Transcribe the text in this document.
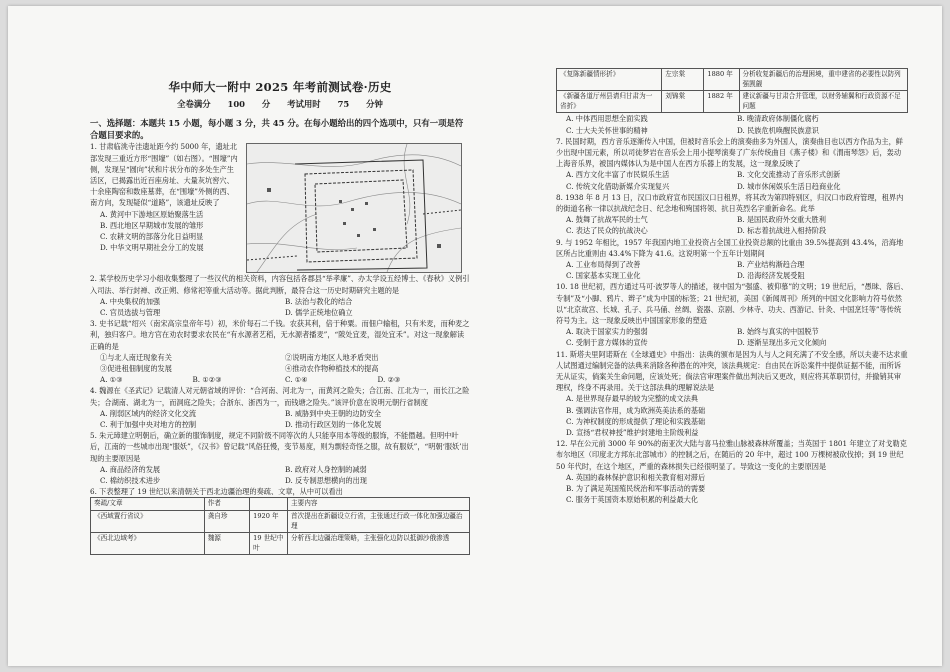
华中师大一附中 2025 年考前测试卷·历史
全卷满分 100 分 考试用时 75 分钟
一、选择题：本题共 15 小题，每小题 3 分，共 45 分。在每小题给出的四个选项中，只有一项是符合题目要求的。

1. 甘肃临洮寺洼遗址距今约 5000 年，遗址北部发现三重近方形“围壕”（如右图）。“围壕”内侧，发现呈“圆向”状和片状分布的多处生产生活区，已揭露出近百座房址、大量灰坑窖穴、十余座陶窑和数座墓葬，在“围壕”外侧的西、南方向，发现疑似“道路”，该遗址反映了

A. 黄河中下游地区原始聚落生活

B. 西北地区早期城市发展的雏形

C. 农耕文明的部落分化日益明显

D. 中华文明早期社会分工的发展

2. 某学校历史学习小组收集整理了一些汉代的相关资料，内容包括各郡县“举孝廉”、办太学设五经博士、《春秋》义例引入司法、举行封禅、改正朔、修常祀等重大活动等。据此判断，最符合这一历史时期研究主题的是

A. 中央集权的加强	B. 法治与教化的结合
C. 官员选拔与管理	D. 儒学正统地位确立

3. 史书记载“绍兴（南宋高宗皇帝年号）初，米价每石二千钱。农获其利，倍于种粟。而佃户输租，只有米麦，而种麦之利，独归客户。地方官在劝农时要求农民在“有水源者艺稻，无水源者播麦”，“陂处宜麦，湿处宜禾”。对这一现象解读正确的是

①与北人南迁现象有关	②说明南方地区人地矛盾突出
③促进租佃制度的发展	④推动农作物种植技术的提高
A. ①③	B. ①②③	C. ①④	D. ②③

4. 魏源在《圣武记》记载清人对元朝省域的评价：“合河南、河北为一，而黄河之险失；合江南、江北为一，而长江之险失；合湖南、湖北为一，而洞庭之险失；合浙东、浙西为一，而钱塘之险失。”该评价意在说明元朝行省制度

A. 削弱区域内的经济文化交流	B. 威胁到中央王朝的边防安全
C. 利于加强中央对地方的控制	D. 推动行政区划的一体化发展

5. 朱元璋建立明朝后，确立新的服饰制度，规定不同阶级不同等次的人只能享用本等级的服饰，不能僭越。但明中叶后，江南的一些城市出现“服妖”，《汉书》曾记载“风俗狂慢，变节易度，则为剽轻奇怪之服，故有服妖”，“明朝‘服妖’出现的主要原因是

A. 商品经济的发展	B. 政府对人身控制的减弱
C. 棉纺织技术进步	D. 反专制思想横向的出现

6. 下表整理了 19 世纪以来清朝关于西北边疆治理的奏疏、文章，从中可以看出

奏疏/文章	作者		主要内容
《西域置行省议》	龚自珍	1920 年	首次提出在新疆设立行省，主张通过行政一体化加强边疆治理
《西北边域考》	魏源	19 世纪中叶	分析西北边疆治理策略，主张强化边防以抵御沙俄渗透
《复陈新疆情形折》	左宗棠	1880 年	分析收复新疆后的治理困境，重申建省的必要性以防列强觊觎
《新疆各道厅州县请归甘肃为一省折》	刘锦棠	1882 年	建议新疆与甘肃合并管理，以财务辅翼和行政资源不足问题
A. 中体西用思想全面实践	B. 晚清政府体制僵化腐朽
C. 士大夫关怀世事的精神	D. 民族危机唤醒民族意识

7. 民国时期，西方音乐逐渐传入中国，但被时音乐会上的演奏曲多为外国人，演奏曲目也以西方作品为主，鲜少出现中国元素，所以司徒梦岩在音乐会上用小提琴演奏了广东传统曲目《燕子楼》和《渭南琴怨》后，轰动上海音乐界，被国内媒体认为是中国人在西方乐器上的发展，这一现象反映了

A. 西方文化丰富了市民娱乐生活	B. 文化交流推动了音乐形式创新
C. 传统文化借助新媒介实现复兴	D. 城市休闲娱乐生活日趋商业化

8. 1938 年 8 月 13 日，汉口市政府宣布民国汉口日租界，将其改为第四特别区，归汉口市政府管理，租界内的街道名称一律以抗战纪念日、纪念地和殉国将领、抗日英烈名字重新命名。此举

A. 鼓舞了抗战军民的士气	B. 是国民政府外交重大胜利
C. 表达了民众的抗战决心	D. 标志着抗战进入相持阶段

9. 与 1952 年相比，1957 年我国内地工业投资占全国工业投资总额的比重由 39.5%提高到 43.4%，沿海地区所占比重则由 43.4%下降为 41.6。这说明第一个五年计划期间

A. 工业布局得到了改善	B. 产业结构渐趋合理
C. 国家基本实现工业化	D. 沿海经济发展受阻

10. 18 世纪初，西方通过马可·波罗等人的描述，视中国为“强盛、被仰慕”的文明；19 世纪后，“愚昧、落后、专制”及“小脚、鸦片、辫子”成为中国的标签；21 世纪初，美国《新闻周刊》所列的中国文化影响力符号依然以“北京故宫、长城、孔子、兵马俑、丝绸、瓷器、京剧、少林寺、功夫、西游记、针灸、中国烹饪等”等传统符号为主。这一现象反映出中国国家形象的塑造

A. 取决于国家实力的强弱	B. 始终与真实的中国脱节
C. 受制于意方媒体的宣传	D. 逐渐呈现出多元文化倾向

11. 斯塔夫里阿诺斯在《全球通史》中指出：法典的颁布是因为人与人之间充满了不安全感，所以夫妻不达求重人试图通过编制完备的法典来消除各种潜在的冲突，该法典规定：自由民在诉讼案件中提供证据不能，而所诉无从证实，倘案关生命问题，应该处死；倘法官审理案件做出判决后又更改，则应将其革职罚付，并撤销其审理权，终身不再录用。关于这部法典的理解说法是

A. 是世界现存最早的较为完整的成文法典

B. 强调法官作用，成为欧洲英美法系的基础

C. 为神权制度的形成提供了理论和实践基础

D. 宣扬“君权神授”维护封建地主阶级利益

12. 早在公元前 3000 年 90%的南亚次大陆与喜马拉雅山脉被森林所覆盖；当英国于 1801 年建立了对戈勒克布尔地区（印度北方邦东北部城市）的控制之后，在随后的 20 年中，超过 100 万棵树被砍伐掉；到 19 世纪 50 年代时，在这个地区，严重的森林损失已经很明显了。导致这一变化的主要原因是

A. 英国的森林保护意识和相关教育相对滞后

B. 为了满足英国殖民统治和军事活动的需要

C. 服务于英国资本原始积累的利益最大化
